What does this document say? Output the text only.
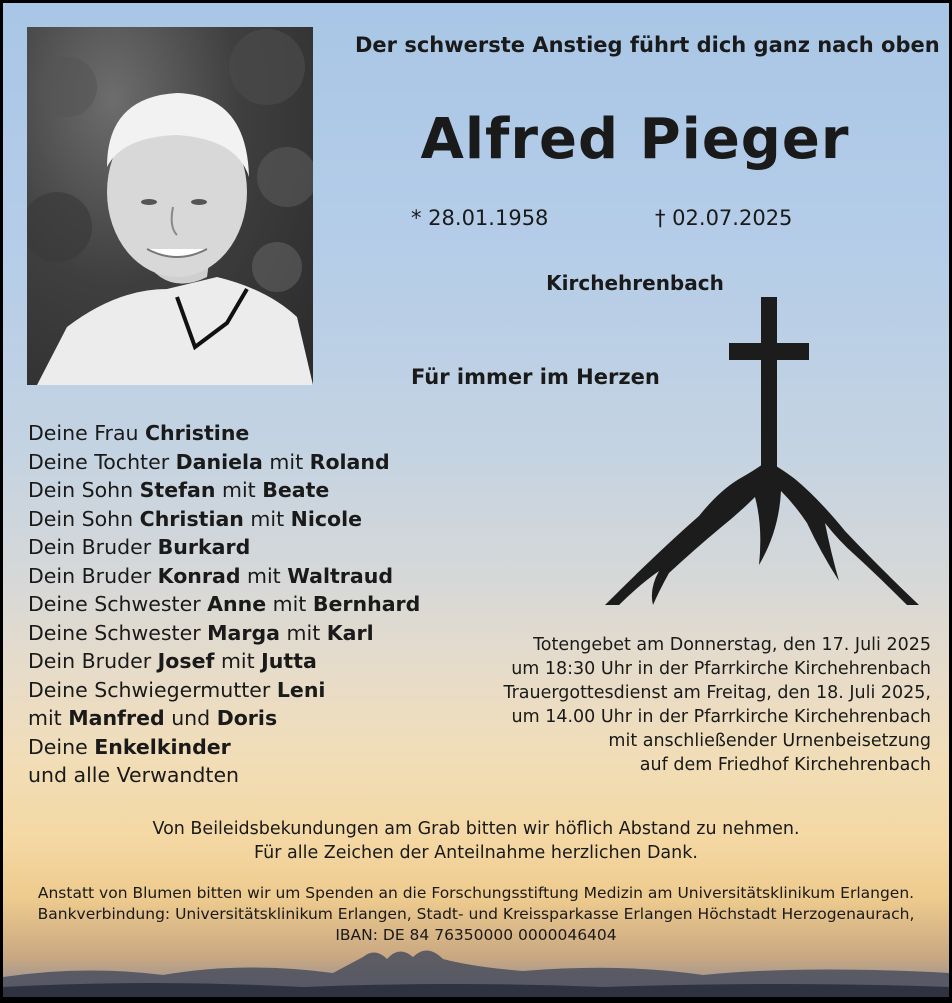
Der schwerste Anstieg führt dich ganz nach oben
Alfred Pieger
* 28.01.1958	† 02.07.2025
Kirchehrenbach
Für immer im Herzen
Deine Frau Christine
Deine Tochter Daniela mit Roland
Dein Sohn Stefan mit Beate
Dein Sohn Christian mit Nicole
Dein Bruder Burkard
Dein Bruder Konrad mit Waltraud
Deine Schwester Anne mit Bernhard
Deine Schwester Marga mit Karl
Dein Bruder Josef mit Jutta
Deine Schwiegermutter Leni
mit Manfred und Doris
Deine Enkelkinder
und alle Verwandten
Totengebet am Donnerstag, den 17. Juli 2025
um 18:30 Uhr in der Pfarrkirche Kirchehrenbach
Trauergottesdienst am Freitag, den 18. Juli 2025,
um 14.00 Uhr in der Pfarrkirche Kirchehrenbach
mit anschließender Urnenbeisetzung
auf dem Friedhof Kirchehrenbach
Von Beileidsbekundungen am Grab bitten wir höflich Abstand zu nehmen.
Für alle Zeichen der Anteilnahme herzlichen Dank.
Anstatt von Blumen bitten wir um Spenden an die Forschungsstiftung Medizin am Universitätsklinikum Erlangen.
Bankverbindung: Universitätsklinikum Erlangen, Stadt- und Kreissparkasse Erlangen Höchstadt Herzogenaurach,
IBAN: DE 84 76350000 0000046404
